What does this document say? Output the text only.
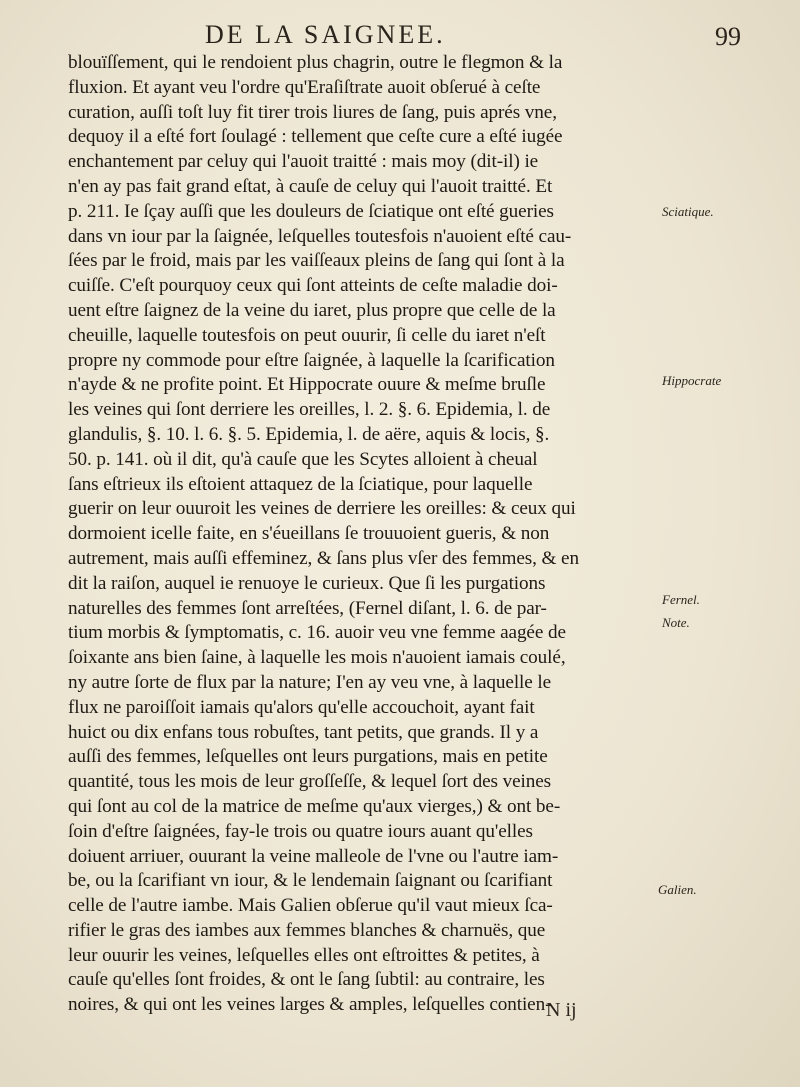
DE LA SAIGNEE.	99
blouïſſement, qui le rendoient plus chagrin, outre le flegmon & la
fluxion. Et ayant veu l'ordre qu'Eraſiſtrate auoit obſerué à ceſte
curation, auſſi toſt luy fit tirer trois liures de ſang, puis aprés vne,
dequoy il a eſté fort ſoulagé : tellement que ceſte cure a eſté iugée
enchantement par celuy qui l'auoit traitté : mais moy (dit-il) ie
n'en ay pas fait grand eſtat, à cauſe de celuy qui l'auoit traitté. Et
p. 211. Ie ſçay auſſi que les douleurs de ſciatique ont eſté gueries
dans vn iour par la ſaignée, leſquelles toutesfois n'auoient eſté cau-
ſées par le froid, mais par les vaiſſeaux pleins de ſang qui ſont à la
cuiſſe. C'eſt pourquoy ceux qui ſont atteints de ceſte maladie doi-
uent eſtre ſaignez de la veine du iaret, plus propre que celle de la
cheuille, laquelle toutesfois on peut ouurir, ſi celle du iaret n'eſt
propre ny commode pour eſtre ſaignée, à laquelle la ſcarification
n'ayde & ne profite point. Et Hippocrate ouure & meſme bruſle
les veines qui ſont derriere les oreilles, l. 2. §. 6. Epidemia, l. de
glandulis, §. 10. l. 6. §. 5. Epidemia, l. de aëre, aquis & locis, §.
50. p. 141. où il dit, qu'à cauſe que les Scytes alloient à cheual
ſans eſtrieux ils eſtoient attaquez de la ſciatique, pour laquelle
guerir on leur ouuroit les veines de derriere les oreilles: & ceux qui
dormoient icelle faite, en s'éueillans ſe trouuoient gueris, & non
autrement, mais auſſi effeminez, & ſans plus vſer des femmes, & en
dit la raiſon, auquel ie renuoye le curieux. Que ſi les purgations
naturelles des femmes ſont arreſtées, (Fernel diſant, l. 6. de par-
tium morbis & ſymptomatis, c. 16. auoir veu vne femme aagée de
ſoixante ans bien ſaine, à laquelle les mois n'auoient iamais coulé,
ny autre ſorte de flux par la nature; I'en ay veu vne, à laquelle le
flux ne paroiſſoit iamais qu'alors qu'elle accouchoit, ayant fait
huict ou dix enfans tous robuſtes, tant petits, que grands. Il y a
auſſi des femmes, leſquelles ont leurs purgations, mais en petite
quantité, tous les mois de leur groſſeſſe, & lequel ſort des veines
qui ſont au col de la matrice de meſme qu'aux vierges,) & ont be-
ſoin d'eſtre ſaignées, fay-le trois ou quatre iours auant qu'elles
doiuent arriuer, ouurant la veine malleole de l'vne ou l'autre iam-
be, ou la ſcarifiant vn iour, & le lendemain ſaignant ou ſcarifiant
celle de l'autre iambe. Mais Galien obſerue qu'il vaut mieux ſca-
rifier le gras des iambes aux femmes blanches & charnuës, que
leur ouurir les veines, leſquelles elles ont eſtroittes & petites, à
cauſe qu'elles ſont froides, & ont le ſang ſubtil: au contraire, les
noires, & qui ont les veines larges & amples, leſquelles contien-
Sciatique.
Hippocrate
Fernel.
Note.
Galien.
N ij
